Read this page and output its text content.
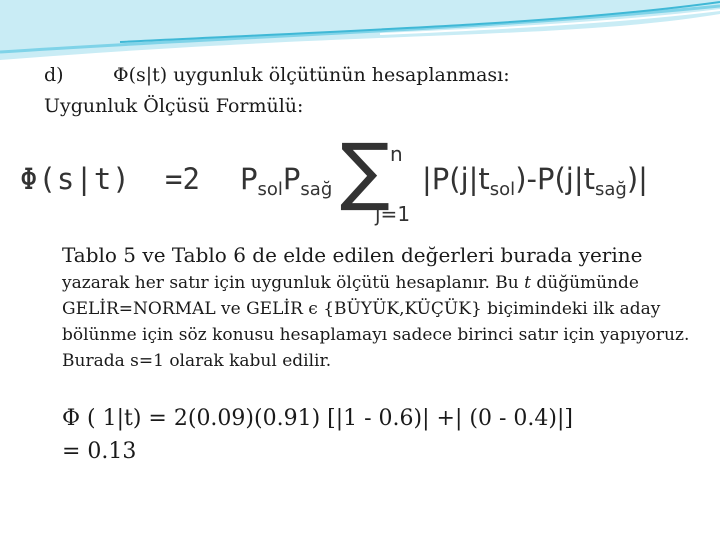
d)	Φ(s|t) uygunluk ölçütünün hesaplanması:
Uygunluk Ölçüsü Formülü:
Φ(s|t) =2 $P_{sol}P_{sağ}$ ∑ n
j=1
$|P(j|t_{sol})-P(j|t_{sağ})|$
Tablo 5 ve Tablo 6 de elde edilen değerleri burada yerine
yazarak her satır için uygunluk ölçütü hesaplanır. Bu t düğümünde GELİR=NORMAL ve GELİR ϵ {BÜYÜK,KÜÇÜK} biçimindeki ilk aday bölünme için söz konusu hesaplamayı sadece birinci satır için yapıyoruz. Burada s=1 olarak kabul edilir.
Φ ( 1|t) = 2(0.09)(0.91) [|1 - 0.6)| +| (0 - 0.4)|]
= 0.13
